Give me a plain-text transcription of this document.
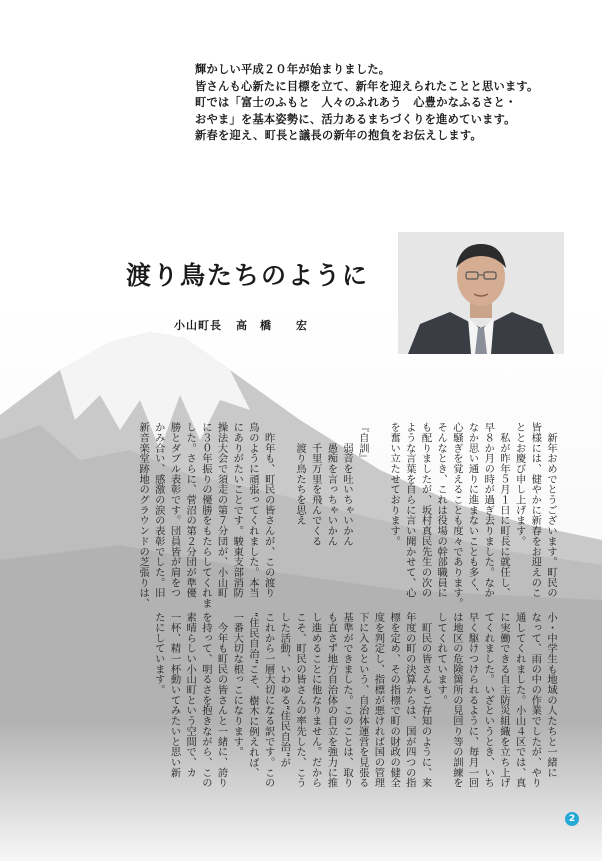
輝かしい平成２０年が始まりました。

皆さんも心新たに目標を立て、新年を迎えられたことと思います。

町では「富士のふもと　人々のふれあう　心豊かなふるさと・

おやま」を基本姿勢に、活力あるまちづくりを進めています。

新春を迎え、町長と議長の新年の抱負をお伝えします。

渡り鳥たちのように
小山町長 高　橋　　宏
　新年おめでとうございます。町民の
皆様には、健やかに新春をお迎えのこ
ととお慶び申し上げます。
　私が昨年５月１日に町長に就任し、
早８か月の時が過ぎ去りました。なか
なか思い通りに進まないことも多く、
心騒ぎを覚えることも度々であります。
そんなとき、これは役場の幹部職員に
も配りましたが、坂村真民先生の次の
ような言葉を自らに言い聞かせて、心
を奮い立たせております。
『自訓』
　　弱音を吐いちゃいかん
　　愚痴を言っちゃいかん
　　千里万里を飛んでくる
　　渡り鳥たちを思え
　昨年も、町民の皆さんが、この渡り
鳥のように頑張ってくれました。本当
にありがたいことです。駿東支部消防
操法大会で須走の第７分団が、小山町
に３０年振りの優勝をもたらしてくれま
した。さらに、菅沼の第２分団が準優
勝とダブル表彰です。団員皆が肩をつ
かみ合い、感激の涙の表彰でした。旧
新音楽堂跡地のグラウンドの芝張りは、
小・中学生も地域の人たちと一緒に
なって、雨の中の作業でしたが、やり
通してくれました。小山４区では、真
に実働できる自主防災組織を立ち上げ
てくれました。いざというとき、いち
早く駆けつけられるように、毎月一回
は地区の危険箇所の見回り等の訓練を
してくれています。
　町民の皆さんもご存知のように、来
年度の町の決算からは、国が四つの指
標を定め、その指標で町の財政の健全
度を判定し、指標が悪ければ国の管理
下に入るという、自治体運営を見張る
基準ができました。このことは、取り
も直さず地方自治体の自立を強力に推
し進めることに他なりません。だから
こそ、町民の皆さんの率先した、こう
した活動、いわゆる“住民自治”が
これから一層大切になる訳です。この
“住民自治”こそ、樹木に例えれば、
一番大切な根っこになります。
　今年も町民の皆さんと一緒に、誇り
を持って、明るさを抱きながら、この
素晴らしい小山町という空間で、カ
一杯、精一杯動いてみたいと思い新
たにしています。
2
